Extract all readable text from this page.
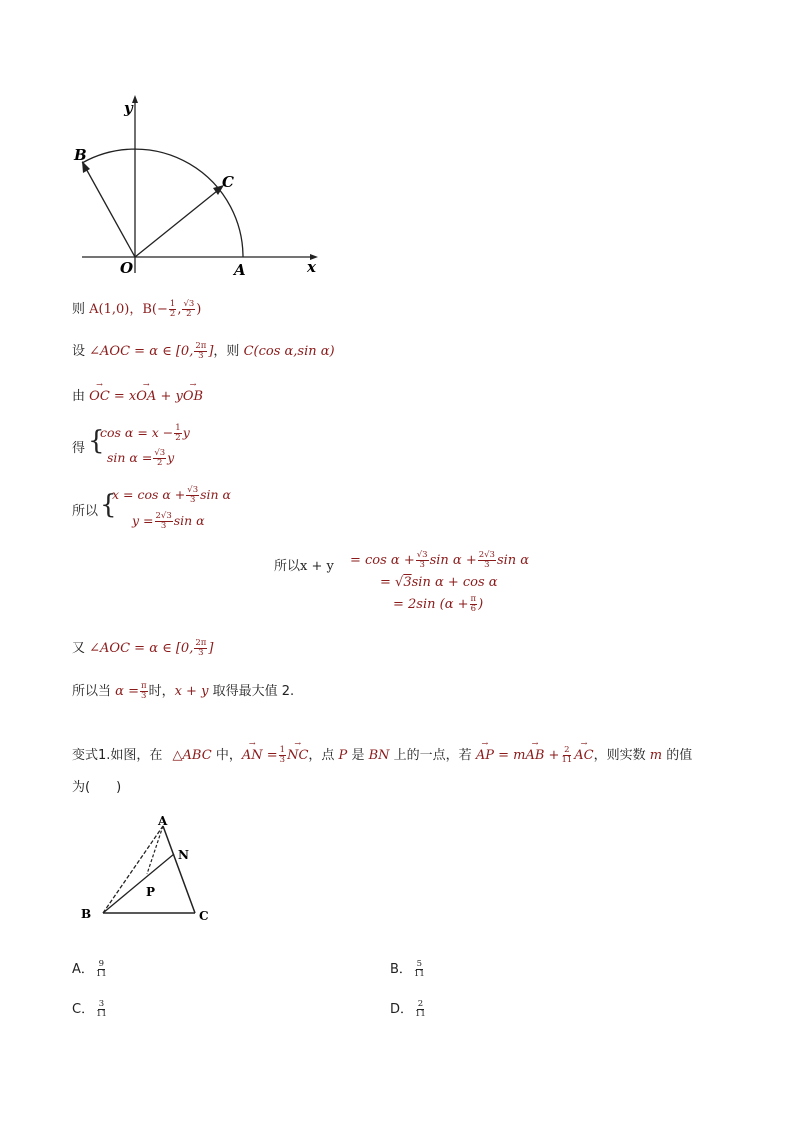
y
x
B
C
O	A
则 A(1,0)，$B(- \frac{1}{2}$ , $\frac{√3}{2}$ )
设 ∠AOC = α ∈ [0, $\frac{2\pi}{3}$ ]，则 C(cos α,sin α)
由 → OC = x→ OA + y→ OB
得 {
$\cos \alpha = x - \frac{1}{2}$ y
$\sin \alpha = \frac{√3}{2}$ y
所以 {
$x = \cos \alpha + \frac{√3}{3}$ sin α
$y = \frac{2√3}{3}$ sin α
所以$x + y = \cos \alpha + \frac{√3}{3}$ $\sin \alpha + \frac{2√3}{3}$ sin α
= √3sin α + cos α
= 2sin ($\alpha + \frac{\pi}{6}$ )
又 ∠AOC = α ∈ [0, $\frac{2\pi}{3}$ ]
所以当 $\alpha = \frac{\pi}{3}$ 时，x + y 取得最大值 2.
变式1.如图，在 △ABC 中，→ AN = $\frac{1}{3}$ → NC，点 P 是 BN 上的一点，若 → AP = m→ AB + $\frac{2}{11}$ → AC，则实数 m 的值
为(　　)
A
N
P
B	C
A． $\frac{9}{11}$	B． $\frac{5}{11}$
C． $\frac{3}{11}$	D． $\frac{2}{11}$
